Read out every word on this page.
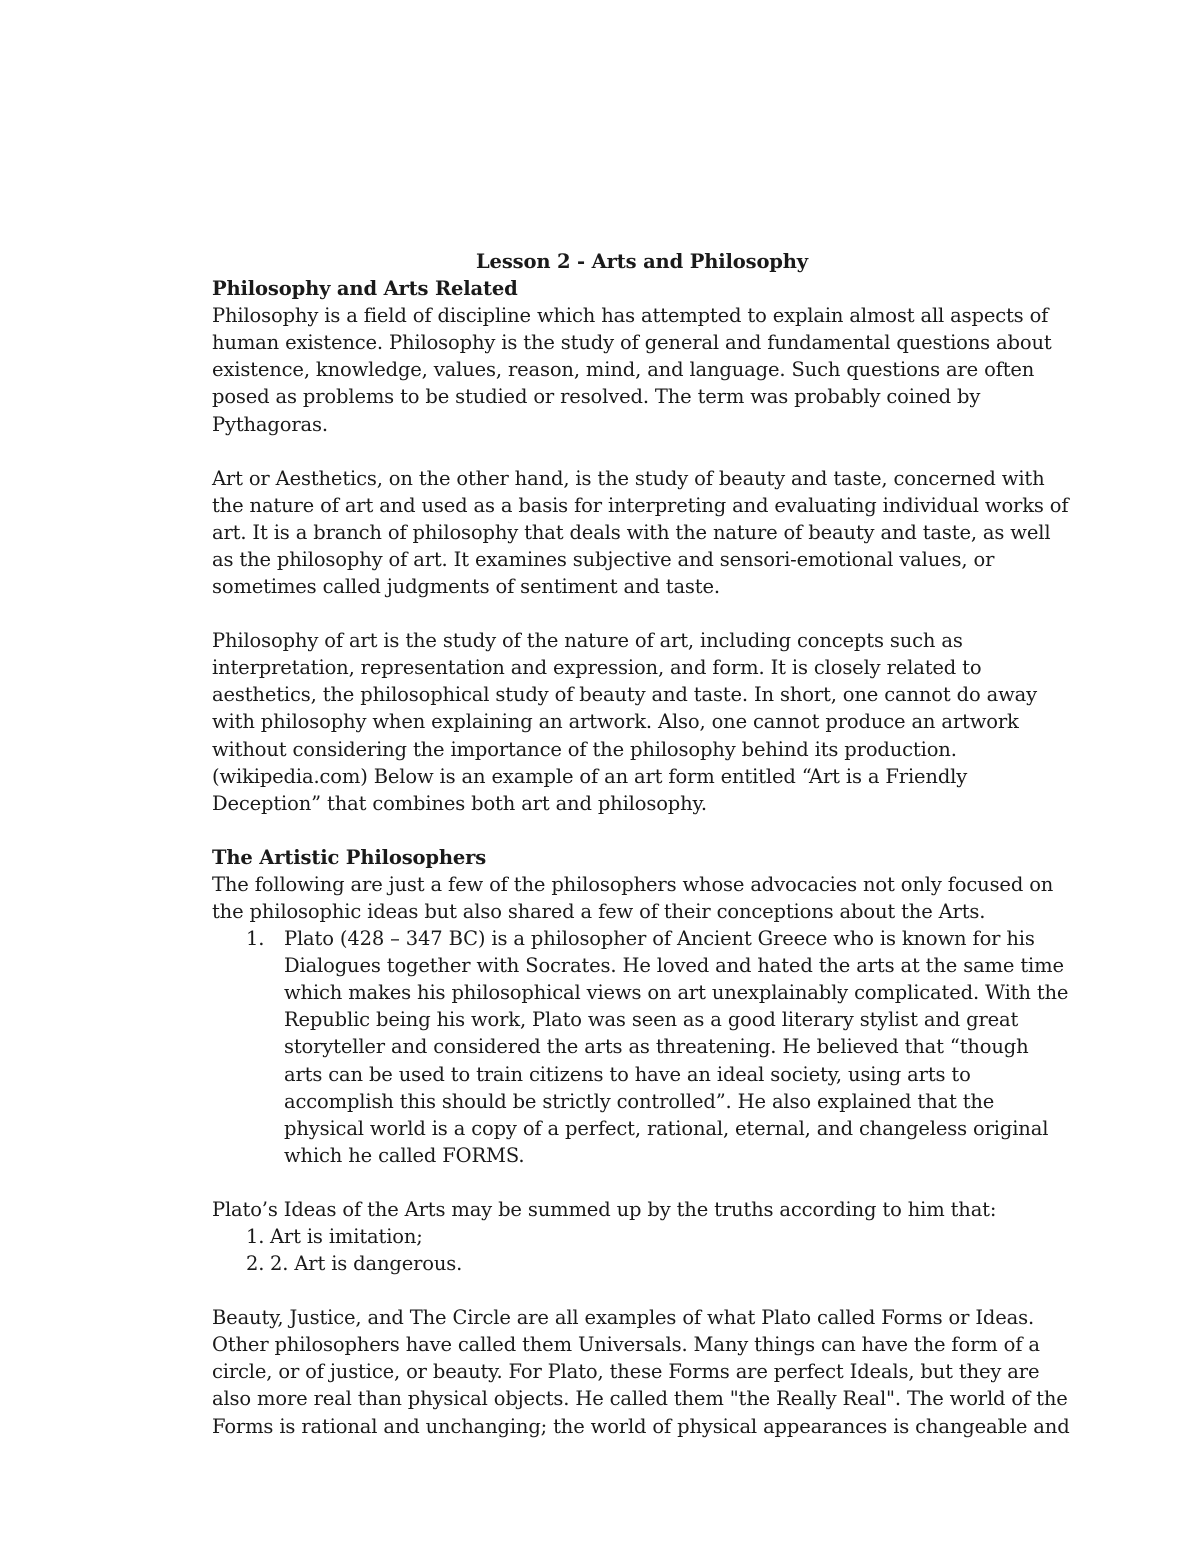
Lesson 2 - Arts and Philosophy

Philosophy and Arts Related

Philosophy is a field of discipline which has attempted to explain almost all aspects of human existence. Philosophy is the study of general and fundamental questions about existence, knowledge, values, reason, mind, and language. Such questions are often posed as problems to be studied or resolved. The term was probably coined by Pythagoras.

Art or Aesthetics, on the other hand, is the study of beauty and taste, concerned with the nature of art and used as a basis for interpreting and evaluating individual works of art. It is a branch of philosophy that deals with the nature of beauty and taste, as well as the philosophy of art. It examines subjective and sensori-emotional values, or sometimes called judgments of sentiment and taste.

Philosophy of art is the study of the nature of art, including concepts such as interpretation, representation and expression, and form. It is closely related to aesthetics, the philosophical study of beauty and taste. In short, one cannot do away with philosophy when explaining an artwork. Also, one cannot produce an artwork without considering the importance of the philosophy behind its production. (wikipedia.com) Below is an example of an art form entitled “Art is a Friendly Deception” that combines both art and philosophy.

The Artistic Philosophers

The following are just a few of the philosophers whose advocacies not only focused on the philosophic ideas but also shared a few of their conceptions about the Arts.

1. Plato (428 – 347 BC) is a philosopher of Ancient Greece who is known for his Dialogues together with Socrates. He loved and hated the arts at the same time which makes his philosophical views on art unexplainably complicated. With the Republic being his work, Plato was seen as a good literary stylist and great storyteller and considered the arts as threatening. He believed that “though arts can be used to train citizens to have an ideal society, using arts to accomplish this should be strictly controlled”. He also explained that the physical world is a copy of a perfect, rational, eternal, and changeless original which he called FORMS.

Plato’s Ideas of the Arts may be summed up by the truths according to him that:

1. Art is imitation;
2. 2. Art is dangerous.

Beauty, Justice, and The Circle are all examples of what Plato called Forms or Ideas. Other philosophers have called them Universals. Many things can have the form of a circle, or of justice, or beauty. For Plato, these Forms are perfect Ideals, but they are also more real than physical objects. He called them "the Really Real". The world of the Forms is rational and unchanging; the world of physical appearances is changeable and
